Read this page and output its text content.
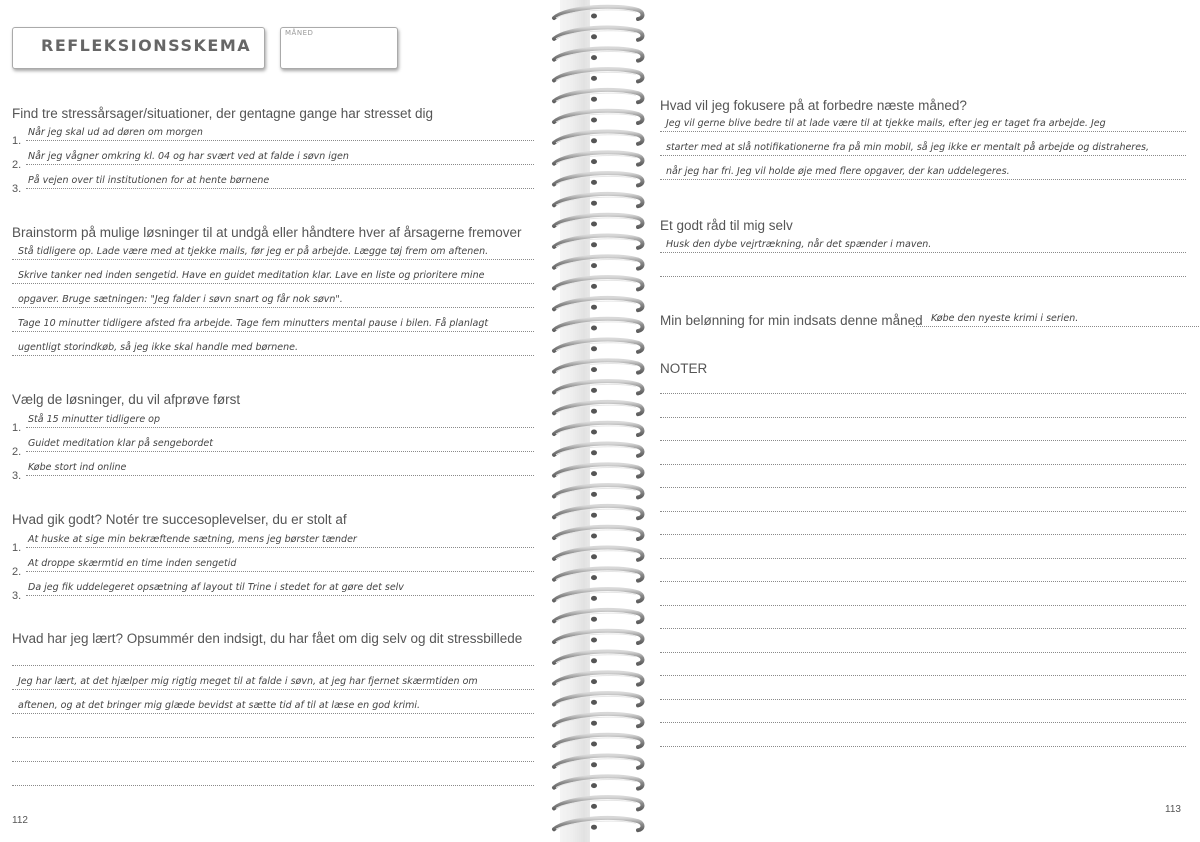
REFLEKSIONSSKEMA
MÅNED
Find tre stressårsager/situationer, der gentagne gange har stresset dig
1.
Når jeg skal ud ad døren om morgen
2.
Når jeg vågner omkring kl. 04 og har svært ved at falde i søvn igen
3.
På vejen over til institutionen for at hente børnene
Brainstorm på mulige løsninger til at undgå eller håndtere hver af årsagerne fremover
Stå tidligere op. Lade være med at tjekke mails, før jeg er på arbejde. Lægge tøj frem om aftenen.
Skrive tanker ned inden sengetid. Have en guidet meditation klar. Lave en liste og prioritere mine
opgaver. Bruge sætningen: "Jeg falder i søvn snart og får nok søvn".
Tage 10 minutter tidligere afsted fra arbejde. Tage fem minutters mental pause i bilen. Få planlagt
ugentligt storindkøb, så jeg ikke skal handle med børnene.
Vælg de løsninger, du vil afprøve først
1.
Stå 15 minutter tidligere op
2.
Guidet meditation klar på sengebordet
3.
Købe stort ind online
Hvad gik godt? Notér tre succesoplevelser, du er stolt af
1.
At huske at sige min bekræftende sætning, mens jeg børster tænder
2.
At droppe skærmtid en time inden sengetid
3.
Da jeg fik uddelegeret opsætning af layout til Trine i stedet for at gøre det selv
Hvad har jeg lært? Opsummér den indsigt, du har fået om dig selv og dit stressbillede
Jeg har lært, at det hjælper mig rigtig meget til at falde i søvn, at jeg har fjernet skærmtiden om
aftenen, og at det bringer mig glæde bevidst at sætte tid af til at læse en god krimi.
112
Hvad vil jeg fokusere på at forbedre næste måned?
Jeg vil gerne blive bedre til at lade være til at tjekke mails, efter jeg er taget fra arbejde. Jeg
starter med at slå notifikationerne fra på min mobil, så jeg ikke er mentalt på arbejde og distraheres,
når jeg har fri. Jeg vil holde øje med flere opgaver, der kan uddelegeres.
Et godt råd til mig selv
Husk den dybe vejrtrækning, når det spænder i maven.
Min belønning for min indsats denne måned Købe den nyeste krimi i serien.
NOTER
113
